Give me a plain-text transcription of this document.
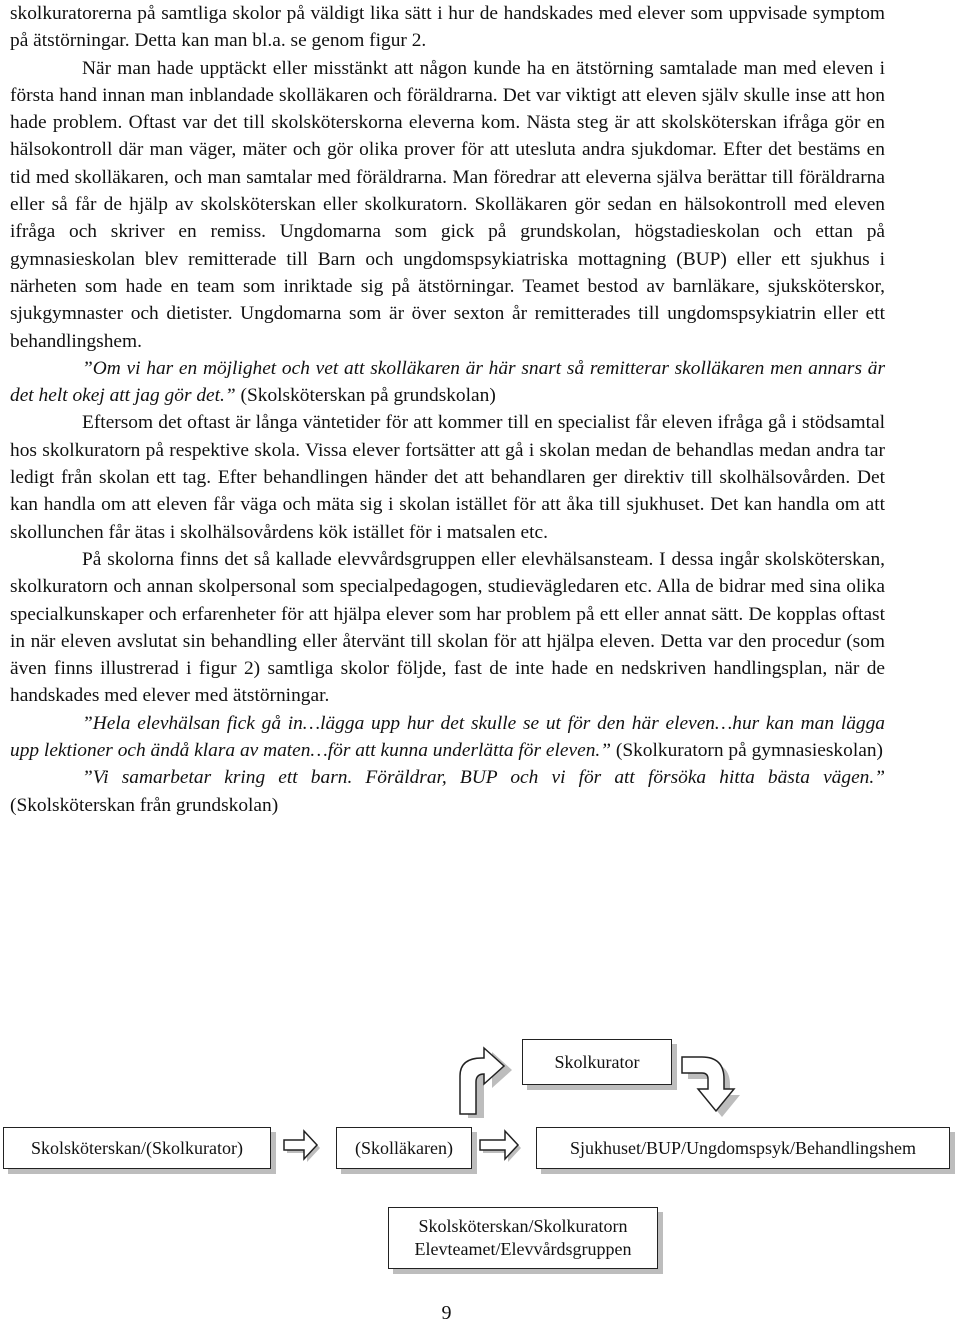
skolkuratorerna på samtliga skolor på väldigt lika sätt i hur de handskades med elever som uppvisade symptom på ätstörningar. Detta kan man bl.a. se genom figur 2.

När man hade upptäckt eller misstänkt att någon kunde ha en ätstörning samtalade man med eleven i första hand innan man inblandade skolläkaren och föräldrarna. Det var viktigt att eleven själv skulle inse att hon hade problem. Oftast var det till skolsköterskorna eleverna kom. Nästa steg är att skolsköterskan ifråga gör en hälsokontroll där man väger, mäter och gör olika prover för att utesluta andra sjukdomar. Efter det bestäms en tid med skolläkaren, och man samtalar med föräldrarna. Man föredrar att eleverna själva berättar till föräldrarna eller så får de hjälp av skolsköterskan eller skolkuratorn. Skolläkaren gör sedan en hälsokontroll med eleven ifråga och skriver en remiss. Ungdomarna som gick på grundskolan, högstadieskolan och ettan på gymnasieskolan blev remitterade till Barn och ungdomspsykiatriska mottagning (BUP) eller ett sjukhus i närheten som hade en team som inriktade sig på ätstörningar. Teamet bestod av barnläkare, sjuksköterskor, sjukgymnaster och dietister. Ungdomarna som är över sexton år remitterades till ungdomspsykiatrin eller ett behandlingshem.

”Om vi har en möjlighet och vet att skolläkaren är här snart så remitterar skolläkaren men annars är det helt okej att jag gör det.” (Skolsköterskan på grundskolan)

Eftersom det oftast är långa väntetider för att kommer till en specialist får eleven ifråga gå i stödsamtal hos skolkuratorn på respektive skola. Vissa elever fortsätter att gå i skolan medan de behandlas medan andra tar ledigt från skolan ett tag. Efter behandlingen händer det att behandlaren ger direktiv till skolhälsovården. Det kan handla om att eleven får väga och mäta sig i skolan istället för att åka till sjukhuset. Det kan handla om att skollunchen får ätas i skolhälsovårdens kök istället för i matsalen etc.

På skolorna finns det så kallade elevvårdsgruppen eller elevhälsansteam. I dessa ingår skolsköterskan, skolkuratorn och annan skolpersonal som specialpedagogen, studievägledaren etc. Alla de bidrar med sina olika specialkunskaper och erfarenheter för att hjälpa elever som har problem på ett eller annat sätt. De kopplas oftast in när eleven avslutat sin behandling eller återvänt till skolan för att hjälpa eleven. Detta var den procedur (som även finns illustrerad i figur 2) samtliga skolor följde, fast de inte hade en nedskriven handlingsplan, när de handskades med elever med ätstörningar.

”Hela elevhälsan fick gå in…lägga upp hur det skulle se ut för den här eleven…hur kan man lägga upp lektioner och ändå klara av maten…för att kunna underlätta för eleven.” (Skolkuratorn på gymnasieskolan)

”Vi samarbetar kring ett barn. Föräldrar, BUP och vi för att försöka hitta bästa vägen.” (Skolsköterskan från grundskolan)

Skolkurator
Skolsköterskan/(Skolkurator)	(Skolläkaren)	Sjukhuset/BUP/Ungdomspsyk/Behandlingshem
Skolsköterskan/Skolkuratorn
Elevteamet/Elevvårdsgruppen
9
